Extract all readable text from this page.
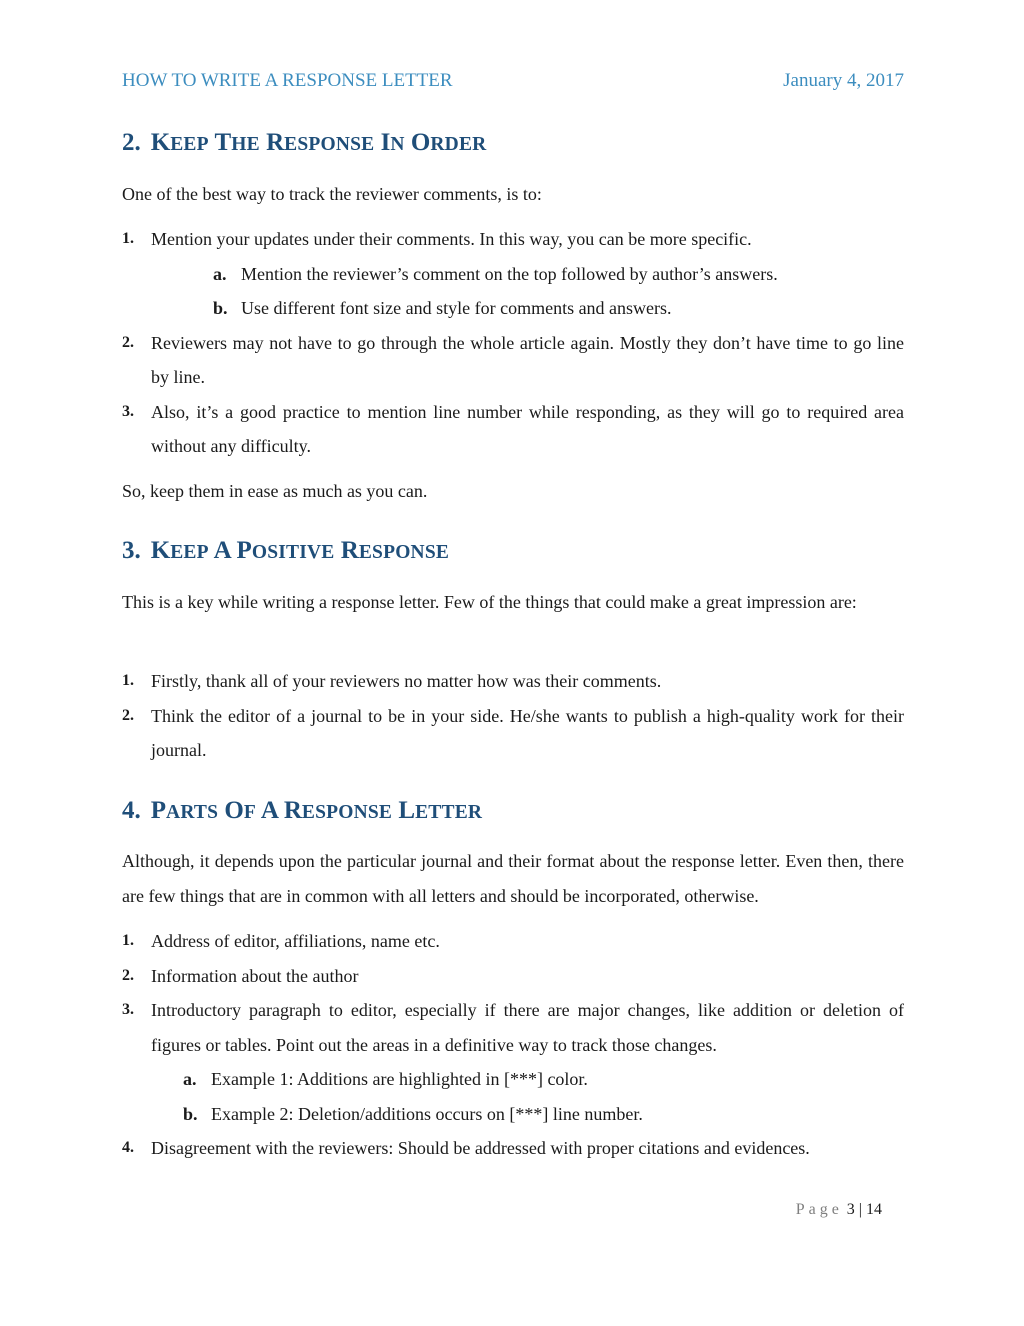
HOW TO WRITE A RESPONSE LETTER	January 4, 2017
2. KEEP THE RESPONSE IN ORDER

One of the best way to track the reviewer comments, is to:

1. Mention your updates under their comments. In this way, you can be more specific.
a. Mention the reviewer’s comment on the top followed by author’s answers.
b. Use different font size and style for comments and answers.
2. Reviewers may not have to go through the whole article again. Mostly they don’t have time to go line by line.
3. Also, it’s a good practice to mention line number while responding, as they will go to required area without any difficulty.

So, keep them in ease as much as you can.

3. KEEP A POSITIVE RESPONSE

This is a key while writing a response letter. Few of the things that could make a great impression are:

1. Firstly, thank all of your reviewers no matter how was their comments.
2. Think the editor of a journal to be in your side. He/she wants to publish a high-quality work for their journal.
4. PARTS OF A RESPONSE LETTER

Although, it depends upon the particular journal and their format about the response letter. Even then, there are few things that are in common with all letters and should be incorporated, otherwise.

1. Address of editor, affiliations, name etc.
2. Information about the author
3. Introductory paragraph to editor, especially if there are major changes, like addition or deletion of figures or tables. Point out the areas in a definitive way to track those changes.
a. Example 1: Additions are highlighted in [***] color.
b. Example 2: Deletion/additions occurs on [***] line number.
4. Disagreement with the reviewers: Should be addressed with proper citations and evidences.
Page 3 | 14
